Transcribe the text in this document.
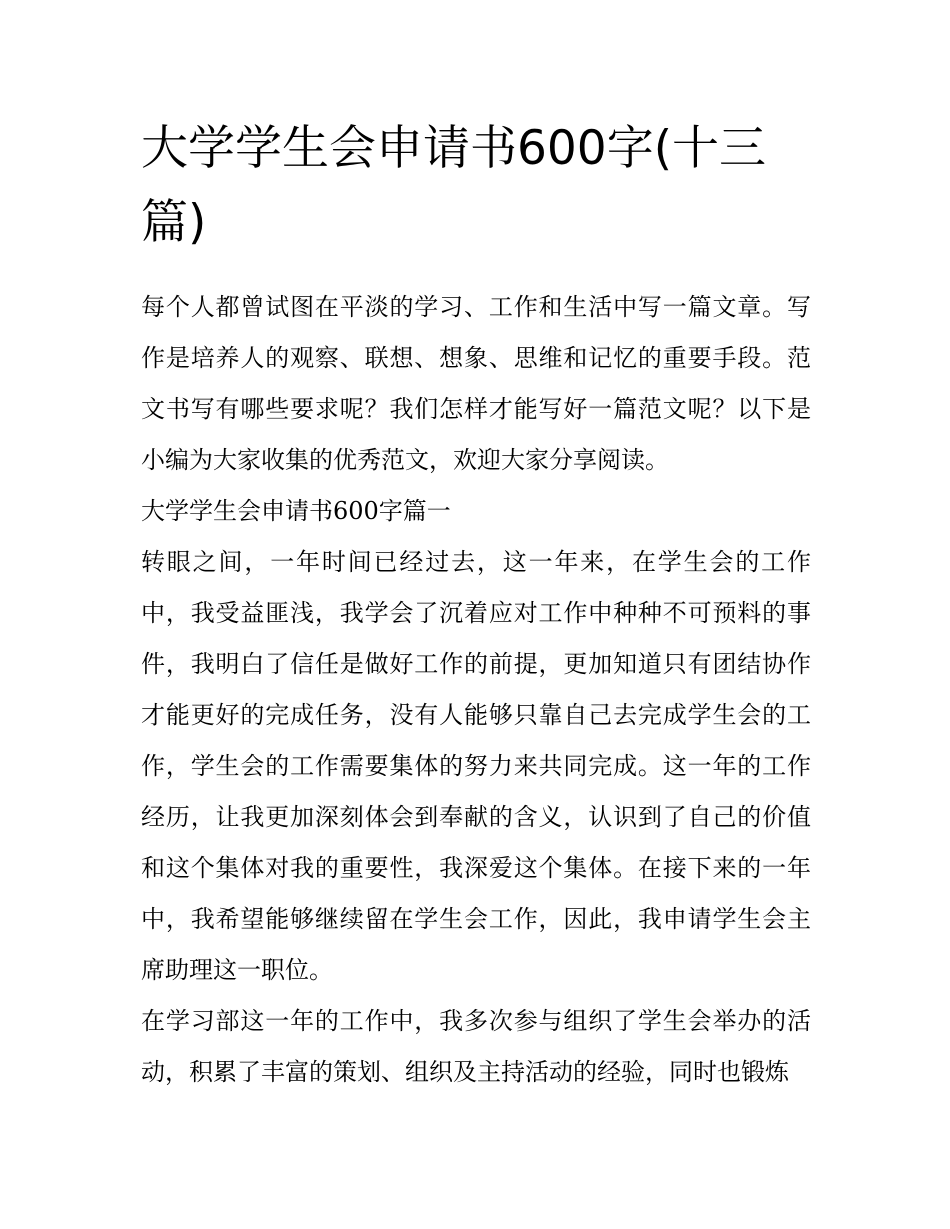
大学学生会申请书600字(十三篇)

每个人都曾试图在平淡的学习、工作和生活中写一篇文章。写作是培养人的观察、联想、想象、思维和记忆的重要手段。范文书写有哪些要求呢？我们怎样才能写好一篇范文呢？以下是小编为大家收集的优秀范文，欢迎大家分享阅读。

大学学生会申请书600字篇一

转眼之间，一年时间已经过去，这一年来，在学生会的工作中，我受益匪浅，我学会了沉着应对工作中种种不可预料的事件，我明白了信任是做好工作的前提，更加知道只有团结协作才能更好的完成任务，没有人能够只靠自己去完成学生会的工作，学生会的工作需要集体的努力来共同完成。这一年的工作经历，让我更加深刻体会到奉献的含义，认识到了自己的价值和这个集体对我的重要性，我深爱这个集体。在接下来的一年中，我希望能够继续留在学生会工作，因此，我申请学生会主席助理这一职位。

在学习部这一年的工作中，我多次参与组织了学生会举办的活动，积累了丰富的策划、组织及主持活动的经验，同时也锻炼
